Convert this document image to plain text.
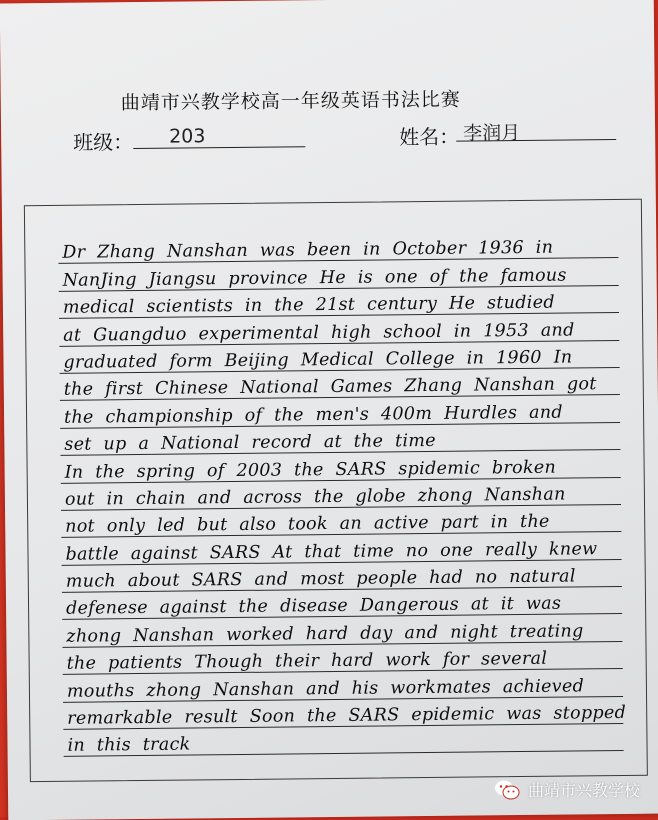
曲靖市兴教学校高一年级英语书法比赛
班级： 203	姓名： 李润月
Dr Zhang Nanshan was been in October 1936 in
NanJing Jiangsu province He is one of the famous
medical scientists in the 21st century He studied
at Guangduo experimental high school in 1953 and
graduated form Beijing Medical College in 1960 In
the first Chinese National Games Zhang Nanshan got
the championship of the men's 400m Hurdles and
set up a National record at the time
In the spring of 2003 the SARS spidemic broken
out in chain and across the globe zhong Nanshan
not only led but also took an active part in the
battle against SARS At that time no one really knew
much about SARS and most people had no natural
defenese against the disease Dangerous at it was
zhong Nanshan worked hard day and night treating
the patients Though their hard work for several
mouths zhong Nanshan and his workmates achieved
remarkable result Soon the SARS epidemic was stopped
in this track
曲靖市兴教学校
